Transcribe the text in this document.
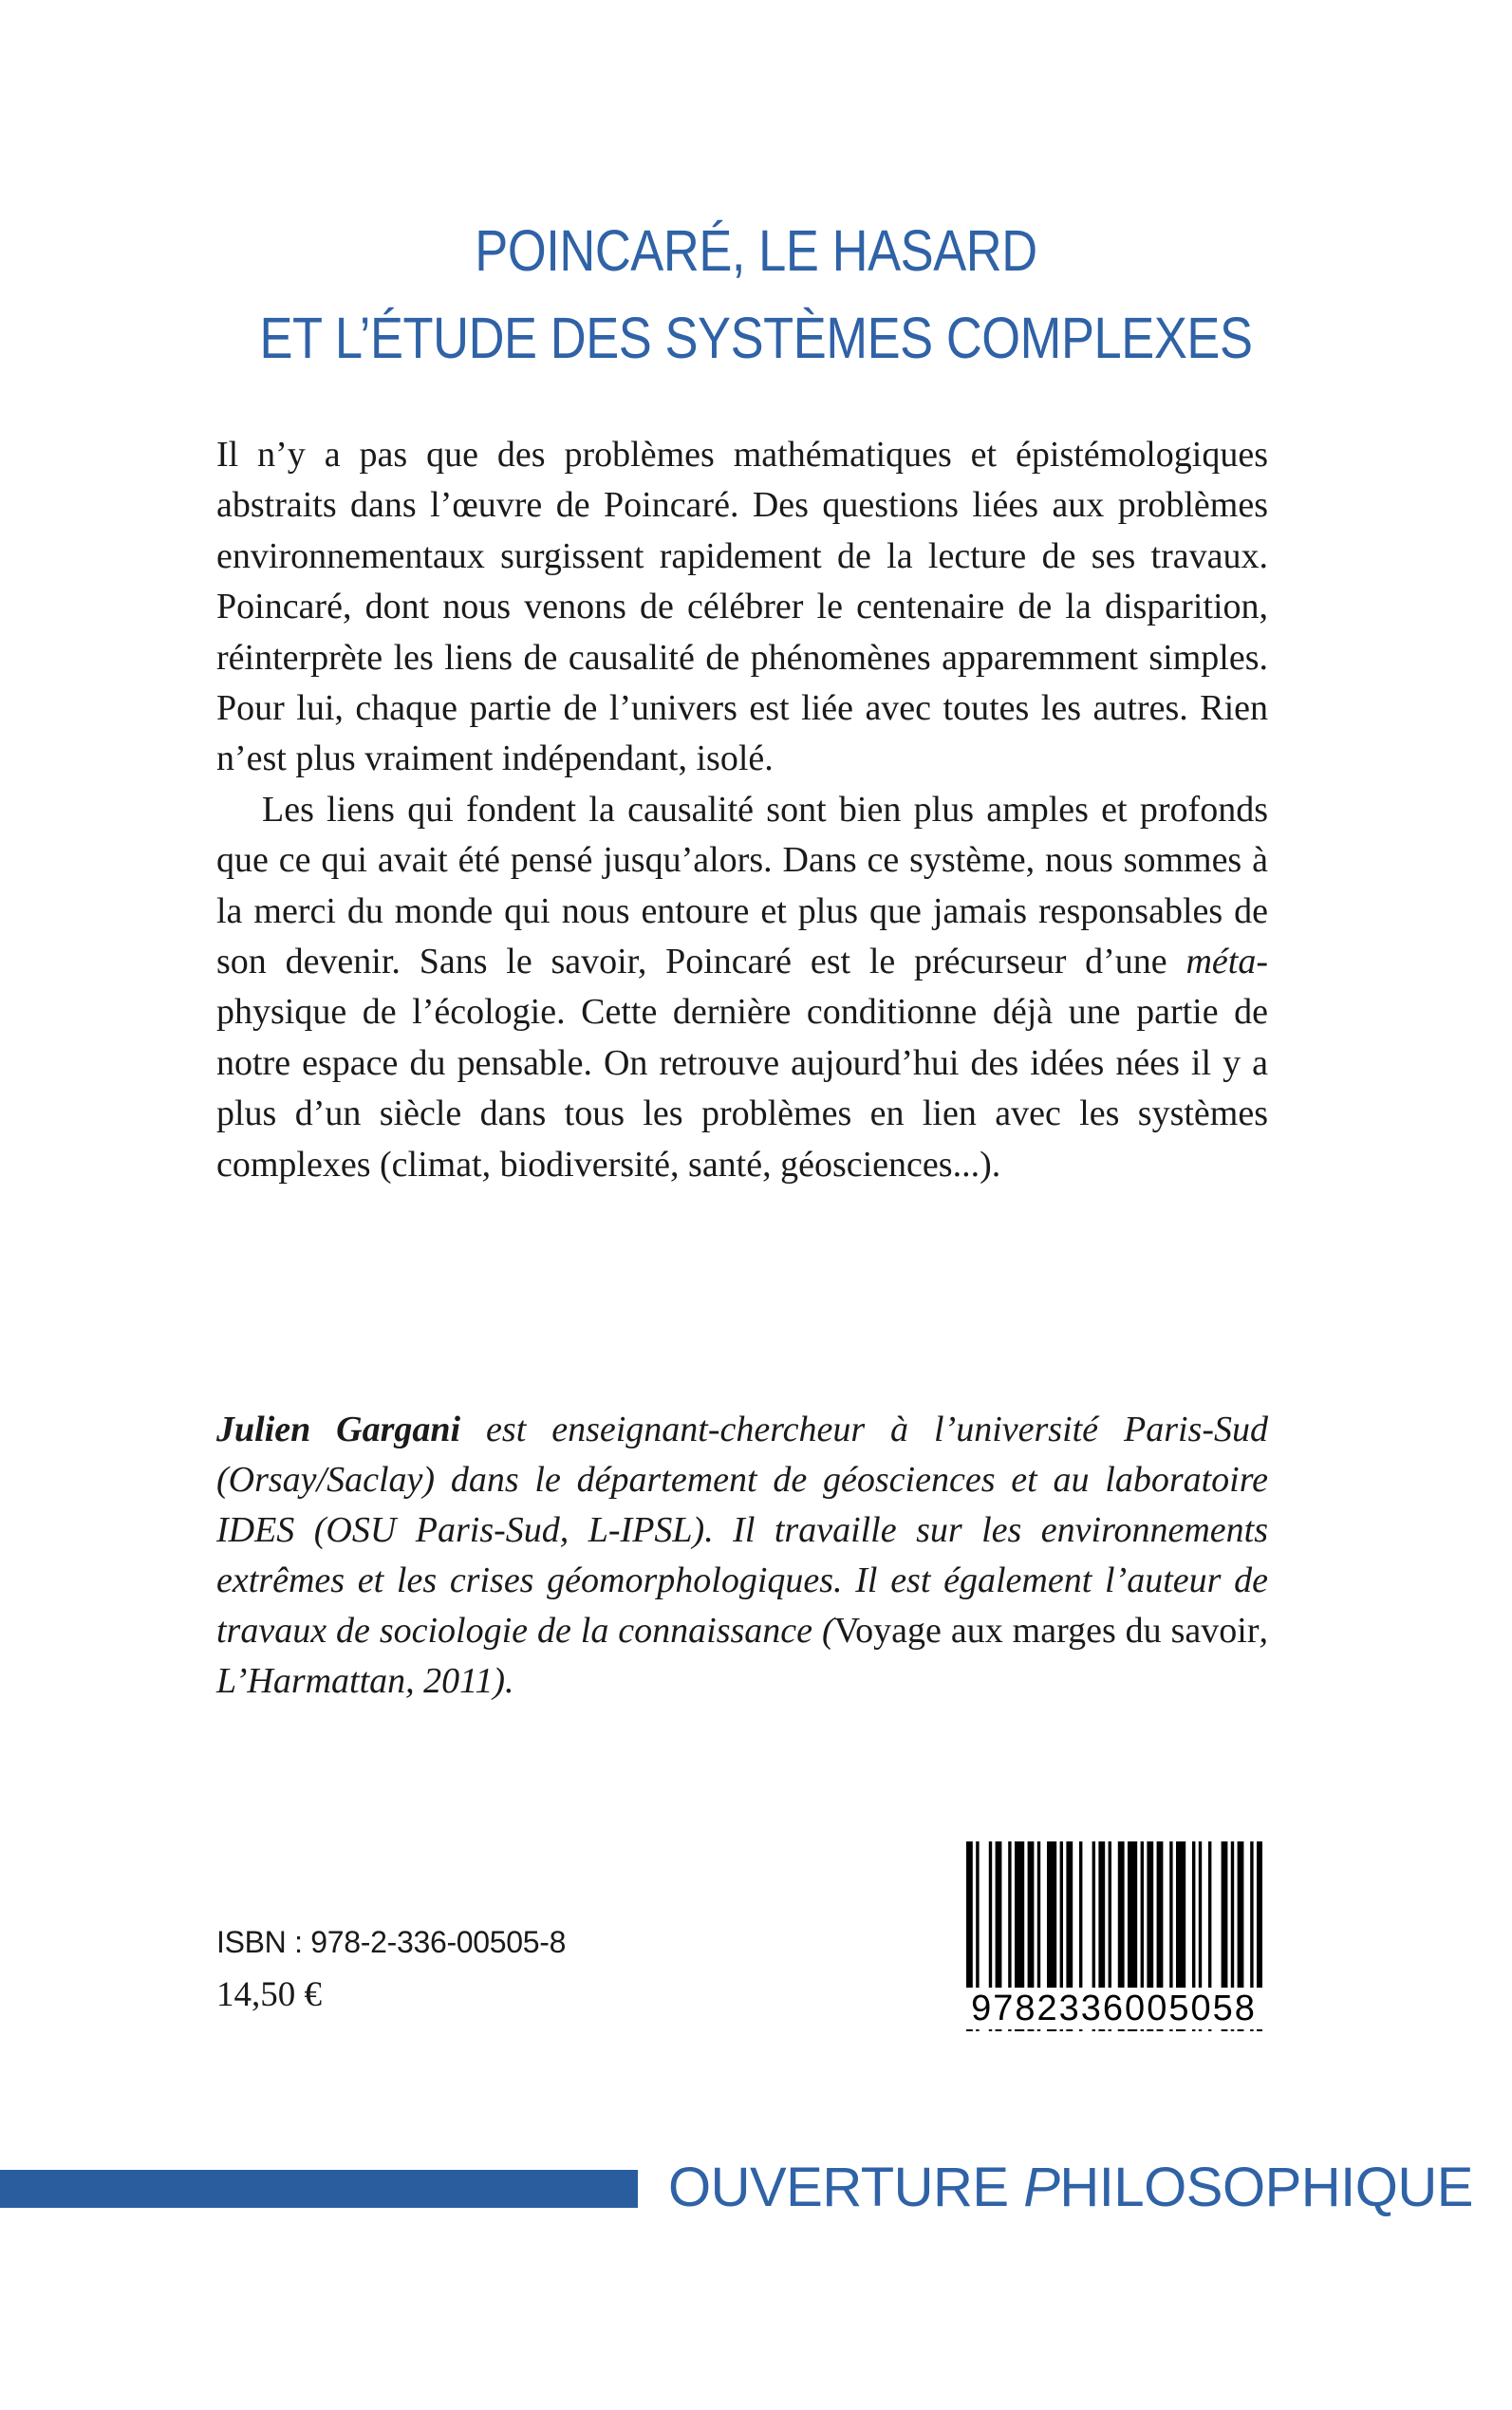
POINCARÉ, LE HASARD
ET L’ÉTUDE DES SYSTÈMES COMPLEXES

Il n’y a pas que des problèmes mathématiques et épistémologiques abstraits dans l’œuvre de Poincaré. Des questions liées aux problèmes environnementaux surgissent rapidement de la lecture de ses travaux. Poincaré, dont nous venons de célébrer le centenaire de la disparition, réinterprète les liens de causalité de phénomènes apparemment simples. Pour lui, chaque partie de l’univers est liée avec toutes les autres. Rien n’est plus vraiment indépendant, isolé.

Les liens qui fondent la causalité sont bien plus amples et profonds que ce qui avait été pensé jusqu’alors. Dans ce système, nous sommes à la merci du monde qui nous entoure et plus que jamais responsables de son devenir. Sans le savoir, Poincaré est le précurseur d’une méta-physique de l’écologie. Cette dernière conditionne déjà une partie de notre espace du pensable. On retrouve aujourd’hui des idées nées il y a plus d’un siècle dans tous les problèmes en lien avec les systèmes complexes (climat, biodiversité, santé, géosciences...).

Julien Gargani est enseignant-chercheur à l’université Paris-Sud (Orsay/Saclay) dans le département de géosciences et au laboratoire IDES (OSU Paris-Sud, L-IPSL). Il travaille sur les environnements extrêmes et les crises géomorphologiques. Il est également l’auteur de travaux de sociologie de la connaissance (Voyage aux marges du savoir, L’Harmattan, 2011).
ISBN : 978-2-336-00505-8
14,50 €	9782336005058
OUVERTURE PHILOSOPHIQUE
